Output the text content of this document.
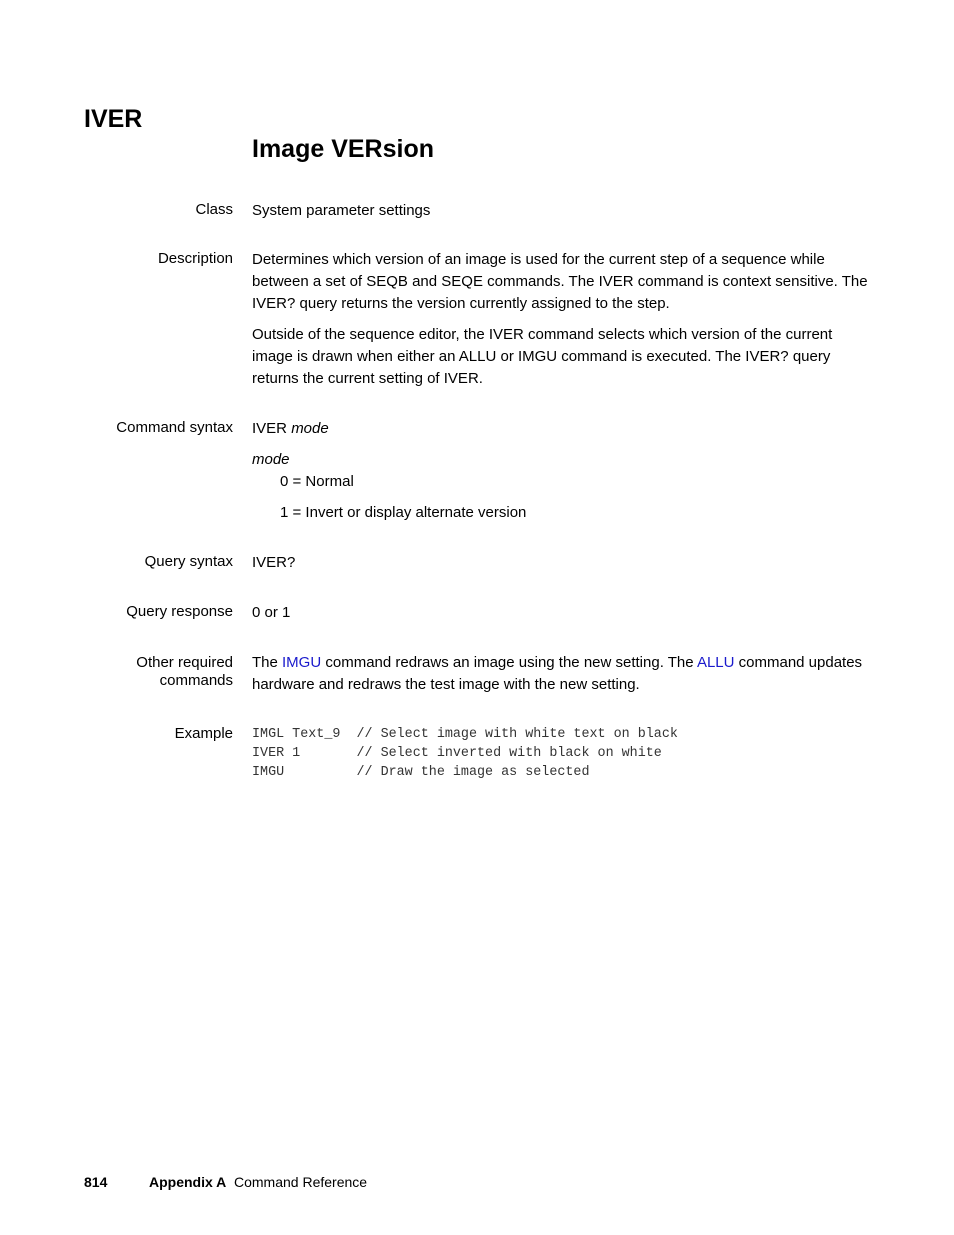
IVER
Image VERsion
Class System parameter settings
Description Determines which version of an image is used for the current step of a sequence while between a set of SEQB and SEQE commands. The IVER command is context sensitive. The IVER? query returns the version currently assigned to the step.

Outside of the sequence editor, the IVER command selects which version of the current image is drawn when either an ALLU or IMGU command is executed. The IVER? query returns the current setting of IVER.

Command syntax IVER mode
mode
0 = Normal
1 = Invert or display alternate version
Query syntax IVER?
Query response 0 or 1
Other required
commands
The IMGU command redraws an image using the new setting. The ALLU command updates hardware and redraws the test image with the new setting.
Example IMGL Text_9  // Select image with white text on black
IVER 1       // Select inverted with black on white
IMGU         // Draw the image as selected
814	Appendix A Command Reference
